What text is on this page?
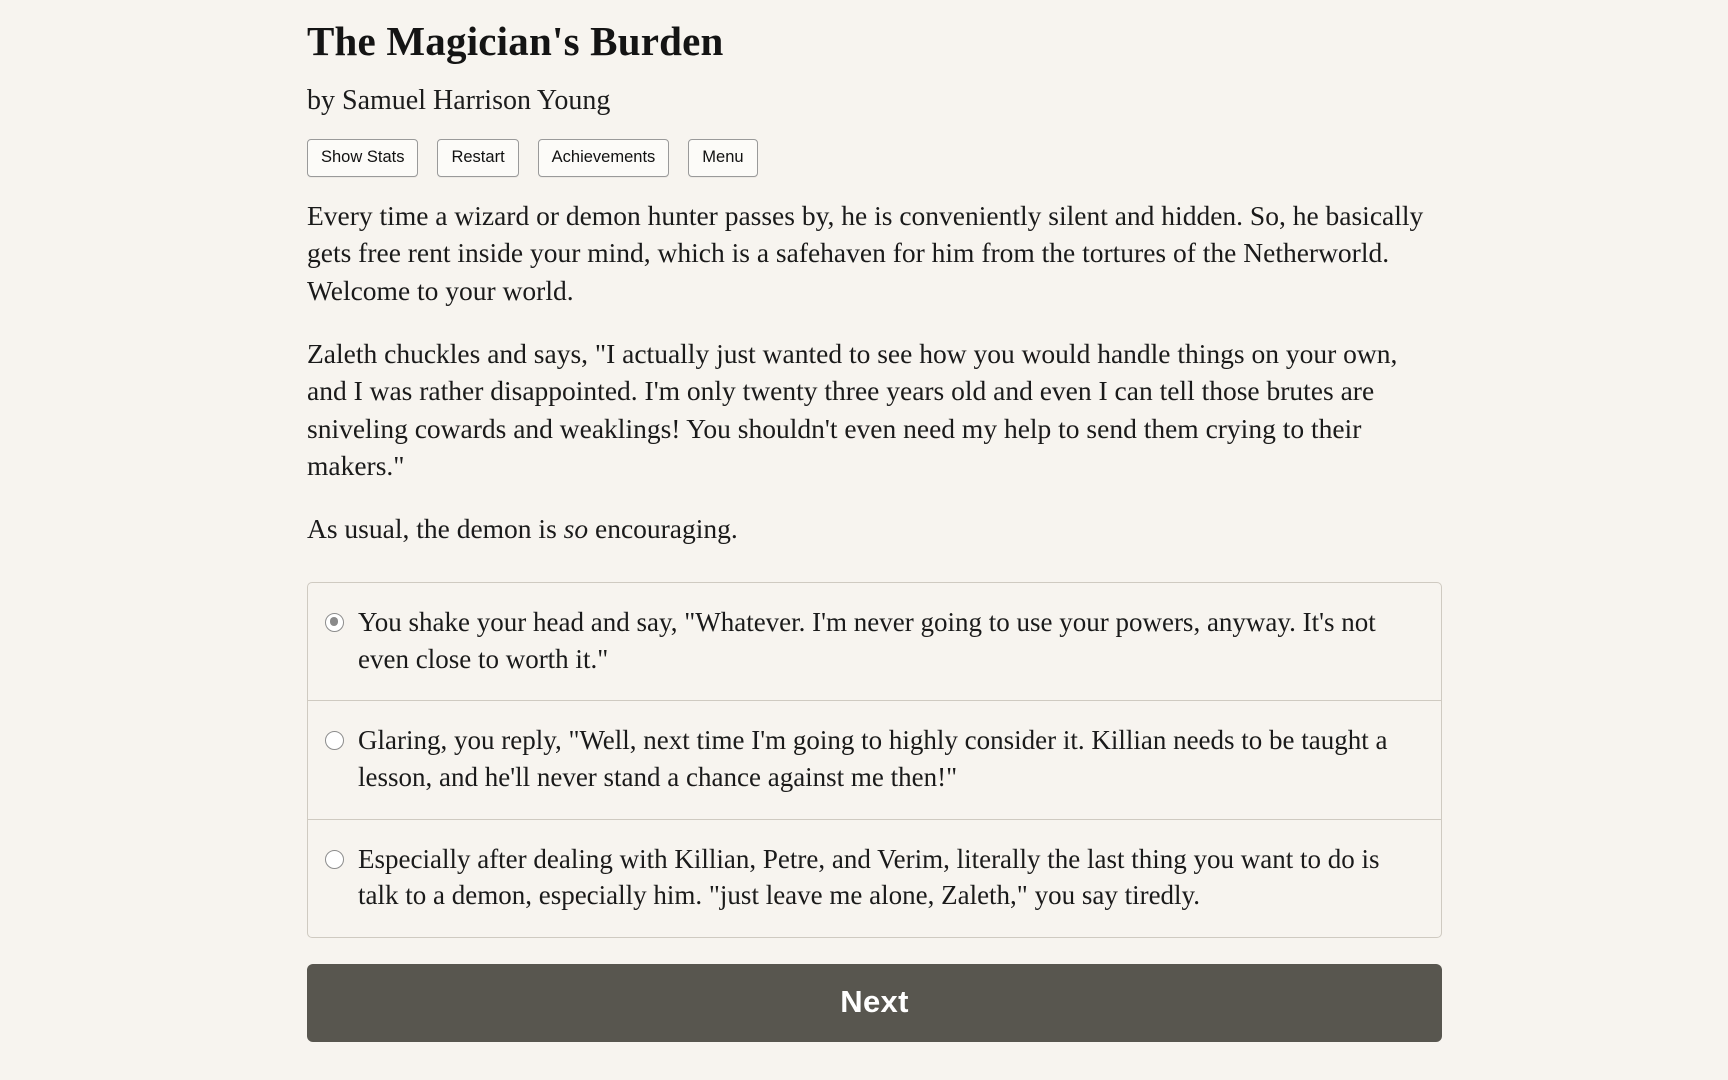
The Magician's Burden
by Samuel Harrison Young
Show Stats	Restart	Achievements	Menu

Every time a wizard or demon hunter passes by, he is conveniently silent and hidden. So, he basically gets free rent inside your mind, which is a safehaven for him from the tortures of the Netherworld. Welcome to your world.

Zaleth chuckles and says, "I actually just wanted to see how you would handle things on your own, and I was rather disappointed. I'm only twenty three years old and even I can tell those brutes are sniveling cowards and weaklings! You shouldn't even need my help to send them crying to their makers."

As usual, the demon is so encouraging.

You shake your head and say, "Whatever. I'm never going to use your powers, anyway. It's not even close to worth it."
Glaring, you reply, "Well, next time I'm going to highly consider it. Killian needs to be taught a lesson, and he'll never stand a chance against me then!"
Especially after dealing with Killian, Petre, and Verim, literally the last thing you want to do is talk to a demon, especially him. "just leave me alone, Zaleth," you say tiredly.
Next
